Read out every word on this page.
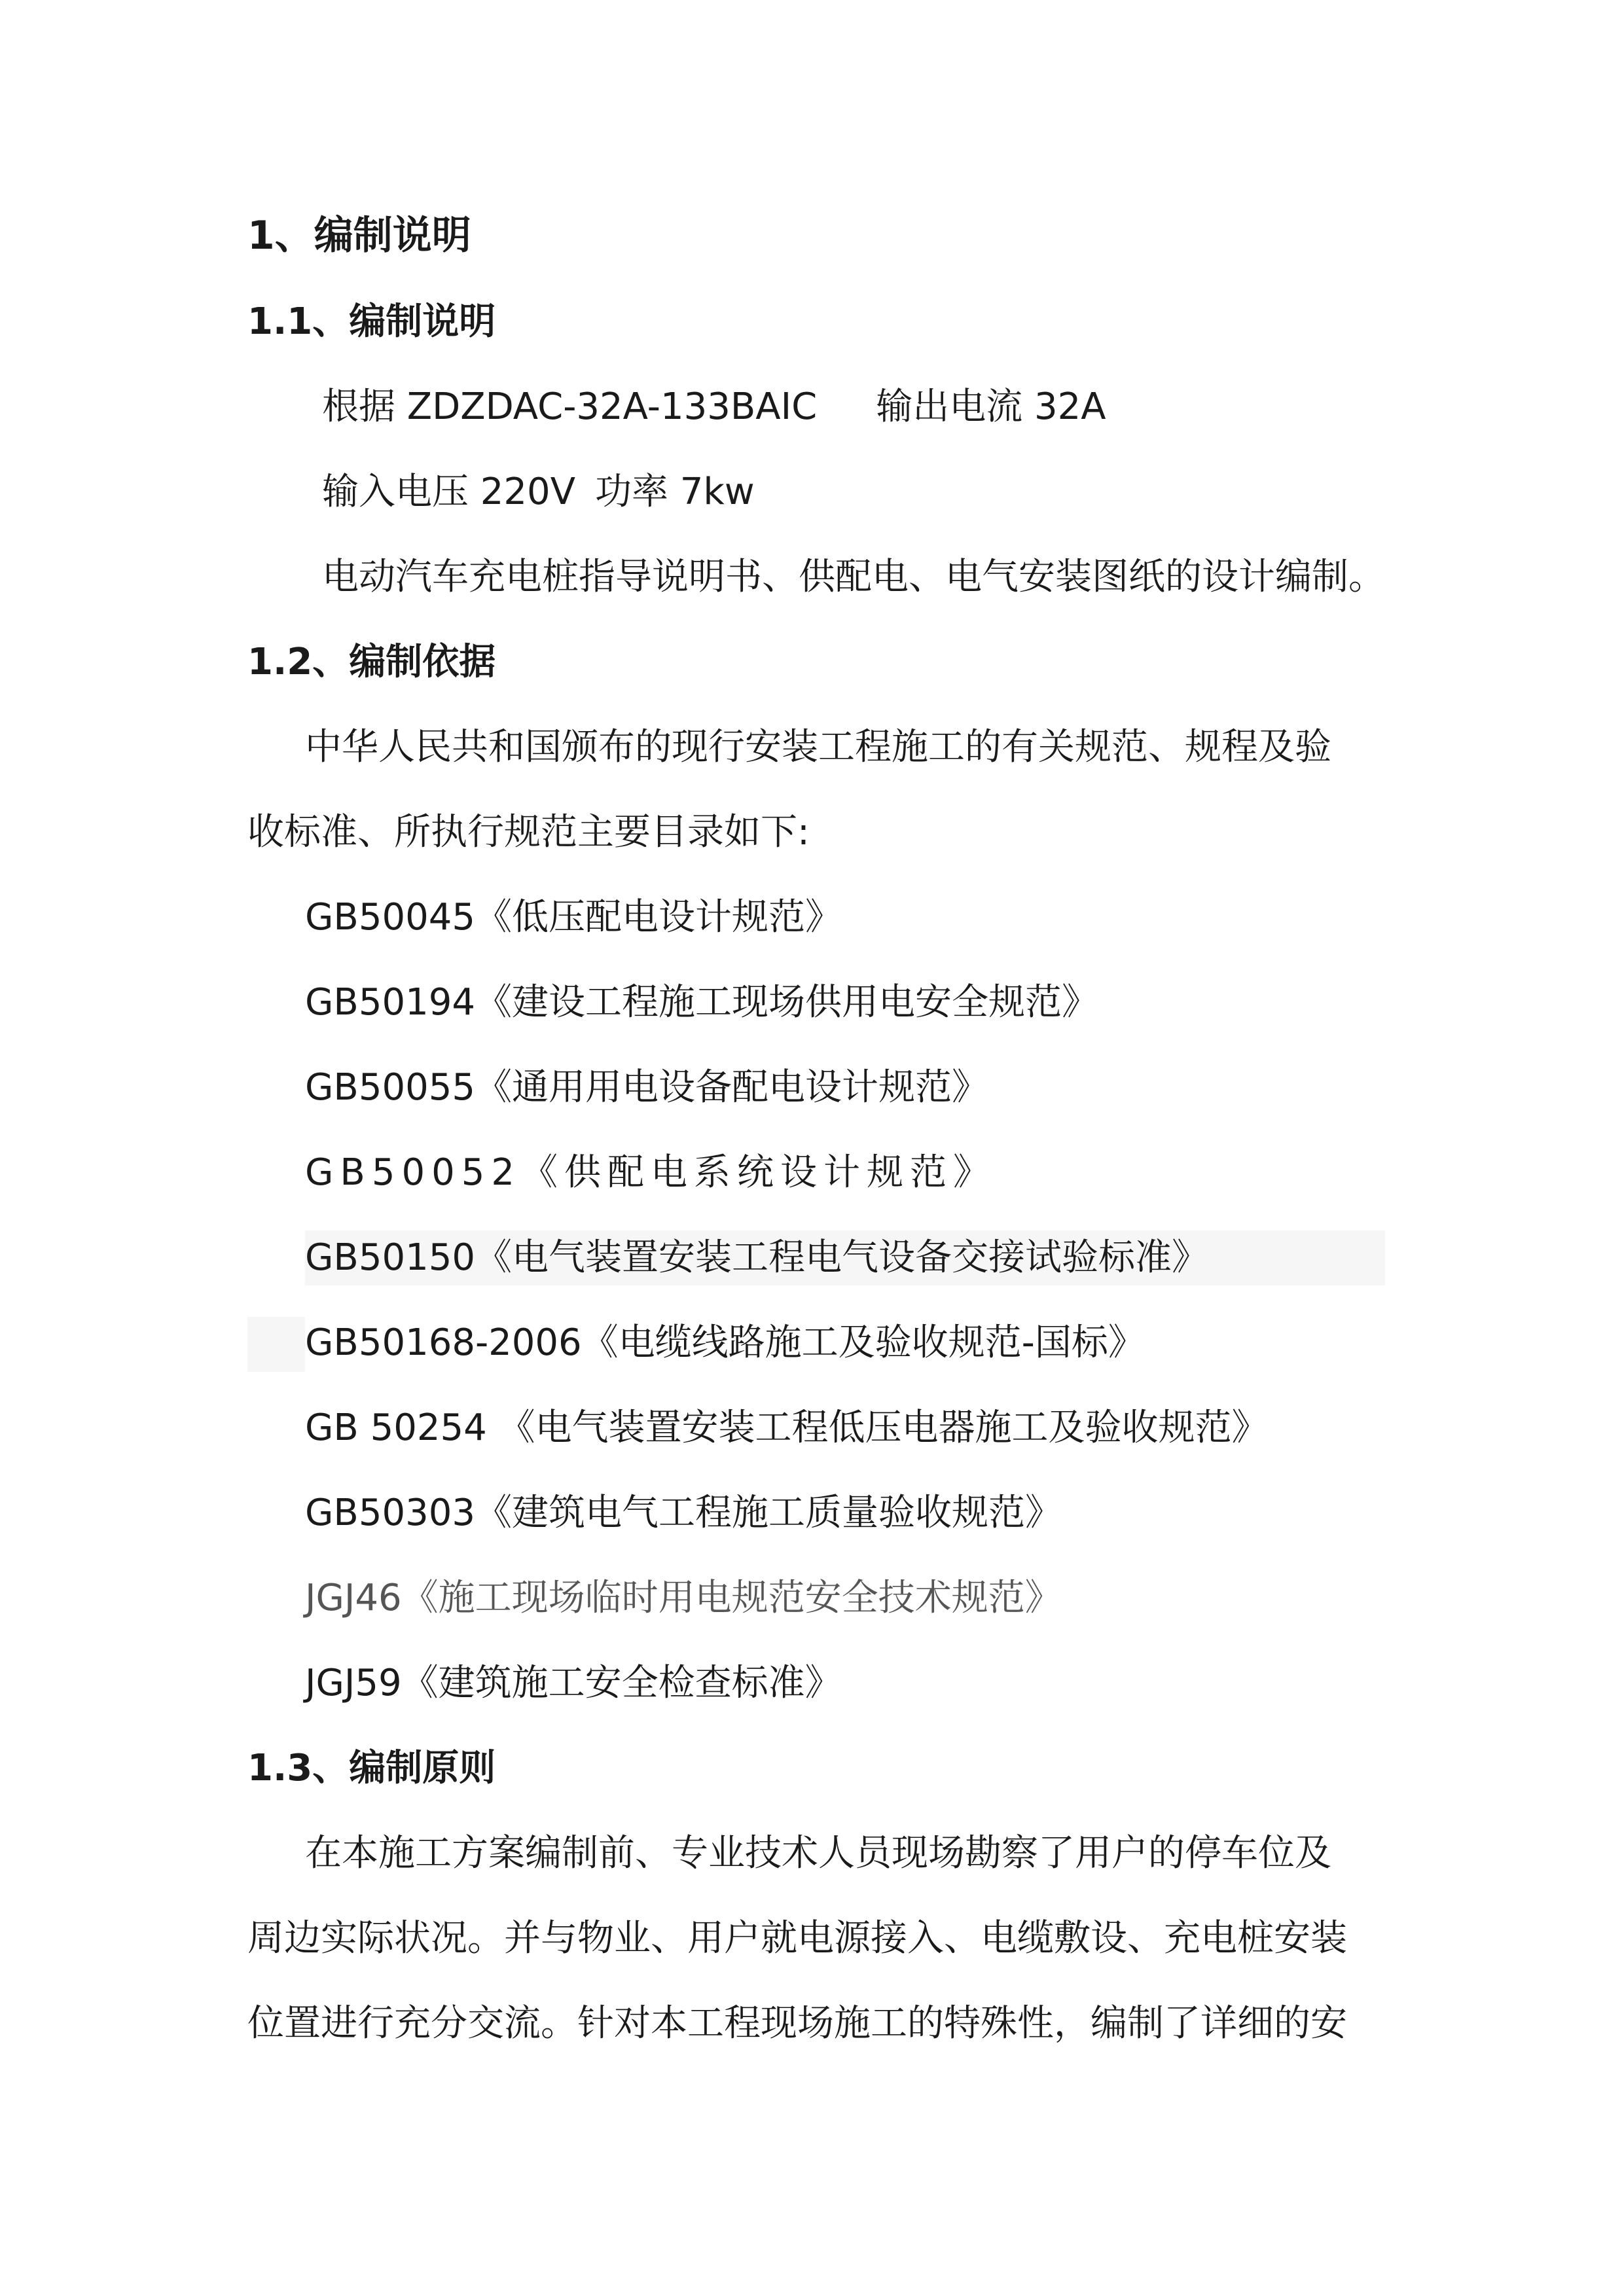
1、编制说明
1.1、编制说明
根据 ZDZDAC-32A-133BAIC 输出电流 32A
输入电压 220V 功率 7kw
电动汽车充电桩指导说明书、供配电、电气安装图纸的设计编制。
1.2、编制依据
中华人民共和国颁布的现行安装工程施工的有关规范、规程及验
收标准、所执行规范主要目录如下:
GB50045《低压配电设计规范》
GB50194《建设工程施工现场供用电安全规范》
GB50055《通用用电设备配电设计规范》
GB50052《供配电系统设计规范》
GB50150《电气装置安装工程电气设备交接试验标准》
GB50168-2006《电缆线路施工及验收规范-国标》
GB 50254 《电气装置安装工程低压电器施工及验收规范》
GB50303《建筑电气工程施工质量验收规范》
JGJ46《施工现场临时用电规范安全技术规范》
JGJ59《建筑施工安全检查标准》
1.3、编制原则
在本施工方案编制前、专业技术人员现场勘察了用户的停车位及
周边实际状况。并与物业、用户就电源接入、电缆敷设、充电桩安装
位置进行充分交流。针对本工程现场施工的特殊性，编制了详细的安
